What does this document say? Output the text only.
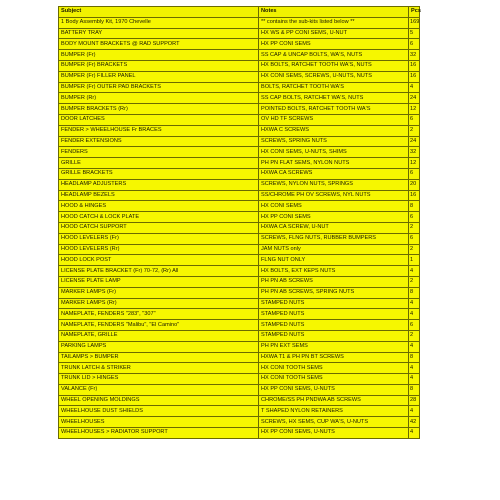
Subject	Notes	Pcs
1 Body Assembly Kit, 1970 Chevelle	** contains the sub-kits listed below **	169
BATTERY TRAY	HX WS & PP CONI SEMS, U-NUT	5
BODY MOUNT BRACKETS @ RAD SUPPORT	HX PP CONI SEMS	6
BUMPER (Fr)	SS CAP & UNCAP BOLTS, WA'S, NUTS	32
BUMPER (Fr) BRACKETS	HX BOLTS, RATCHET TOOTH WA'S, NUTS	16
BUMPER (Fr) FILLER PANEL	HX CONI SEMS, SCREWS, U-NUTS, NUTS	16
BUMPER (Fr) OUTER PAD BRACKETS	BOLTS, RATCHET TOOTH WA'S	4
BUMPER (Rr)	SS CAP BOLTS, RATCHET WA'S, NUTS	24
BUMPER BRACKETS (Rr)	POINTED BOLTS, RATCHET TOOTH WA'S	12
DOOR LATCHES	OV HD TF SCREWS	6
FENDER > WHEELHOUSE Fr BRACES	HXWA C SCREWS	2
FENDER EXTENSIONS	SCREWS, SPRING NUTS	24
FENDERS	HX CONI SEMS, U-NUTS, SHIMS	32
GRILLE	PH PN FLAT SEMS, NYLON NUTS	12
GRILLE BRACKETS	HXWA CA SCREWS	6
HEADLAMP ADJUSTERS	SCREWS, NYLON NUTS, SPRINGS	20
HEADLAMP BEZELS	SS/CHROME PH OV SCREWS, NYL NUTS	16
HOOD & HINGES	HX CONI SEMS	8
HOOD CATCH & LOCK PLATE	HX PP CONI SEMS	6
HOOD CATCH SUPPORT	HXWA CA SCREW, U-NUT	2
HOOD LEVELERS (Fr)	SCREWS, FLNG NUTS, RUBBER BUMPERS	6
HOOD LEVELERS (Rr)	JAM NUTS only	2
HOOD LOCK POST	FLNG NUT ONLY	1
LICENSE PLATE BRACKET (Fr) 70-72, (Rr) All	HX BOLTS, EXT KEPS NUTS	4
LICENSE PLATE LAMP	PH PN AB SCREWS	2
MARKER LAMPS (Fr)	PH PN AB SCREWS, SPRING NUTS	8
MARKER LAMPS (Rr)	STAMPED NUTS	4
NAMEPLATE, FENDERS "283", "307"	STAMPED NUTS	4
NAMEPLATE, FENDERS "Malibu", "El Camino"	STAMPED NUTS	6
NAMEPLATE, GRILLE	STAMPED NUTS	2
PARKING LAMPS	PH PN EXT SEMS	4
TAILAMPS > BUMPER	HXWA T1 & PH PN BT SCREWS	8
TRUNK LATCH & STRIKER	HX CONI TOOTH SEMS	4
TRUNK LID > HINGES	HX CONI TOOTH SEMS	4
VALANCE (Fr)	HX PP CONI SEMS, U-NUTS	8
WHEEL OPENING MOLDINGS	CHROME/SS PH PNDWA AB SCREWS	28
WHEELHOUSE DUST SHIELDS	T SHAPED NYLON RETAINERS	4
WHEELHOUSES	SCREWS, HX SEMS, CUP WA'S, U-NUTS	42
WHEELHOUSES > RADIATOR SUPPORT	HX PP CONI SEMS, U-NUTS	4
